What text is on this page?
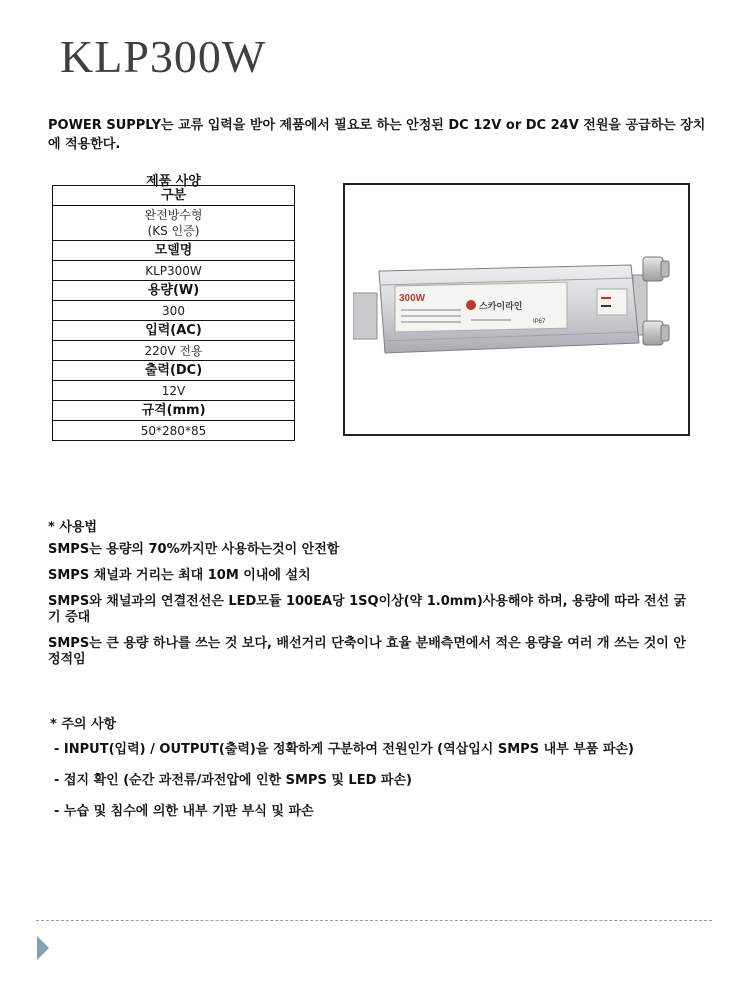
KLP300W
POWER SUPPLY는 교류 입력을 받아 제품에서 필요로 하는 안정된 DC 12V or DC 24V 전원을 공급하는 장치에 적용한다.
제품 사양
구분

완전방수형
(KS 인증)

모델명
KLP300W
용량(W)
300
입력(AC)
220V 전용
출력(DC)
12V
규격(mm)
50*280*85
300W
스카이라인
IP67
* 사용법

SMPS는 용량의 70%까지만 사용하는것이 안전함

SMPS 채널과 거리는 최대 10M 이내에 설치

SMPS와 채널과의 연결전선은 LED모듈 100EA당 1SQ이상(약 1.0mm)사용해야 하며, 용량에 따라 전선 굵기 증대

SMPS는 큰 용량 하나를 쓰는 것 보다, 배선거리 단축이나 효율 분배측면에서 적은 용량을 여러 개 쓰는 것이 안정적임

* 주의 사항

- INPUT(입력) / OUTPUT(출력)을 정확하게 구분하여 전원인가 (역삽입시 SMPS 내부 부품 파손)

- 접지 확인 (순간 과전류/과전압에 인한 SMPS 및 LED 파손)

- 누습 및 침수에 의한 내부 기판 부식 및 파손
